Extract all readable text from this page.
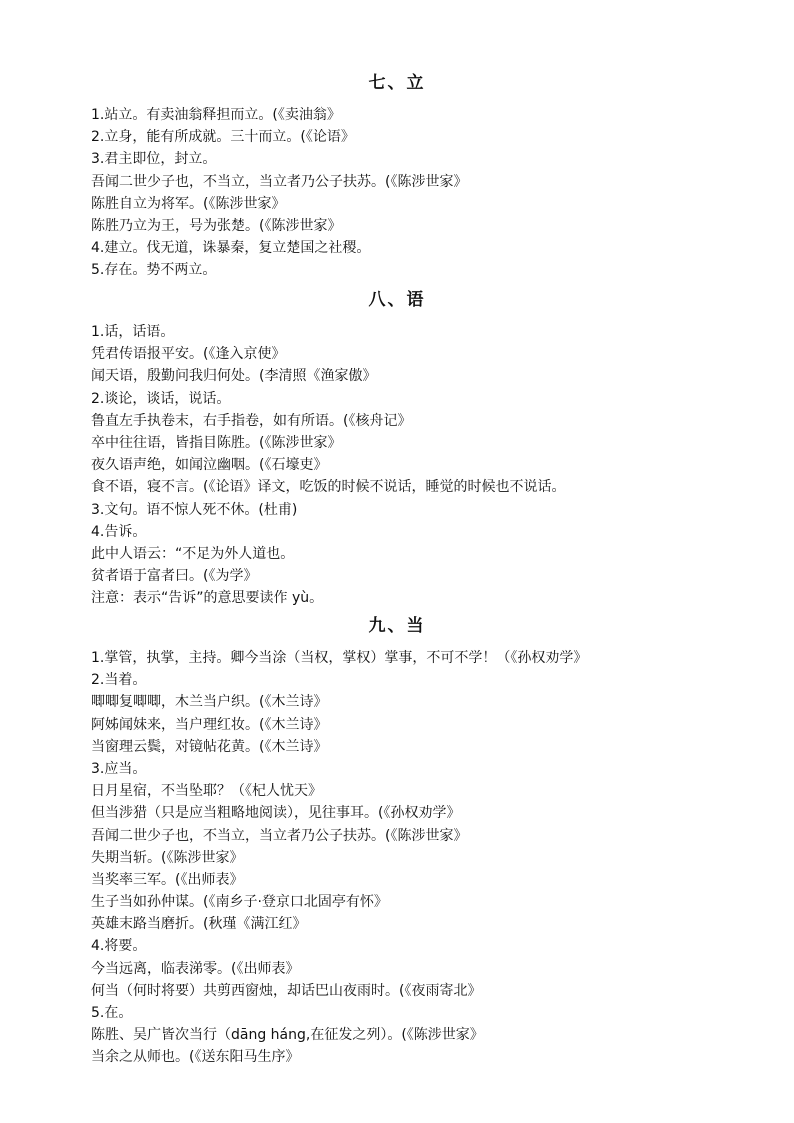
七、立
1.站立。有卖油翁释担而立。(《卖油翁》
2.立身，能有所成就。三十而立。(《论语》
3.君主即位，封立。
吾闻二世少子也，不当立，当立者乃公子扶苏。(《陈涉世家》
陈胜自立为将军。(《陈涉世家》
陈胜乃立为王，号为张楚。(《陈涉世家》
4.建立。伐无道，诛暴秦，复立楚国之社稷。
5.存在。势不两立。
八、语
1.话，话语。
凭君传语报平安。(《逢入京使》
闻天语，殷勤问我归何处。(李清照《渔家傲》
2.谈论，谈话，说话。
鲁直左手执卷末，右手指卷，如有所语。(《核舟记》
卒中往往语，皆指目陈胜。(《陈涉世家》
夜久语声绝，如闻泣幽咽。(《石壕吏》
食不语，寝不言。(《论语》译文，吃饭的时候不说话，睡觉的时候也不说话。
3.文句。语不惊人死不休。(杜甫)
4.告诉。
此中人语云：“不足为外人道也。
贫者语于富者曰。(《为学》
注意：表示“告诉”的意思要读作 yù。
九、当
1.掌管，执掌，主持。卿今当涂（当权，掌权）掌事，不可不学！（《孙权劝学》
2.当着。
唧唧复唧唧，木兰当户织。(《木兰诗》
阿姊闻妹来，当户理红妆。(《木兰诗》
当窗理云鬓，对镜帖花黄。(《木兰诗》
3.应当。
日月星宿，不当坠耶？（《杞人忧天》
但当涉猎（只是应当粗略地阅读），见往事耳。(《孙权劝学》
吾闻二世少子也，不当立，当立者乃公子扶苏。(《陈涉世家》
失期当斩。(《陈涉世家》
当奖率三军。(《出师表》
生子当如孙仲谋。(《南乡子·登京口北固亭有怀》
英雄末路当磨折。(秋瑾《满江红》
4.将要。
今当远离，临表涕零。(《出师表》
何当（何时将要）共剪西窗烛，却话巴山夜雨时。(《夜雨寄北》
5.在。
陈胜、吴广皆次当行（dāng háng,在征发之列）。(《陈涉世家》
当余之从师也。(《送东阳马生序》
